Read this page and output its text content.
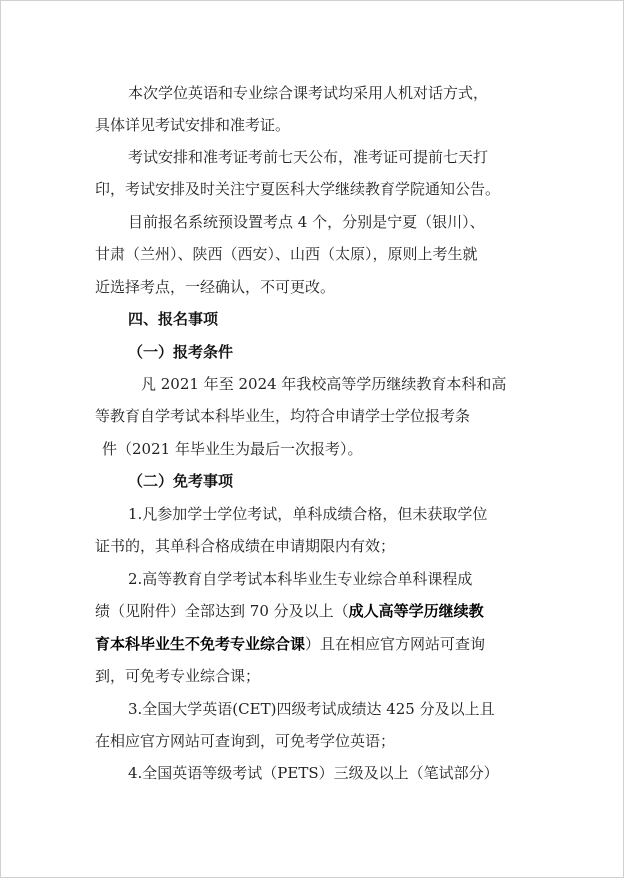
本次学位英语和专业综合课考试均采用人机对话方式，
具体详见考试安排和准考证。
考试安排和准考证考前七天公布，准考证可提前七天打
印，考试安排及时关注宁夏医科大学继续教育学院通知公告。
目前报名系统预设置考点 4 个，分别是宁夏（银川）、
甘肃（兰州）、陕西（西安）、山西（太原），原则上考生就
近选择考点，一经确认，不可更改。
四、报名事项
（一）报考条件
凡 2021 年至 2024 年我校高等学历继续教育本科和高
等教育自学考试本科毕业生，均符合申请学士学位报考条
件（2021 年毕业生为最后一次报考）。
（二）免考事项
1.凡参加学士学位考试，单科成绩合格，但未获取学位
证书的，其单科合格成绩在申请期限内有效；
2.高等教育自学考试本科毕业生专业综合单科课程成
绩（见附件）全部达到 70 分及以上（成人高等学历继续教
育本科毕业生不免考专业综合课）且在相应官方网站可查询
到，可免考专业综合课；
3.全国大学英语(CET)四级考试成绩达 425 分及以上且
在相应官方网站可查询到，可免考学位英语；
4.全国英语等级考试（PETS）三级及以上（笔试部分）
